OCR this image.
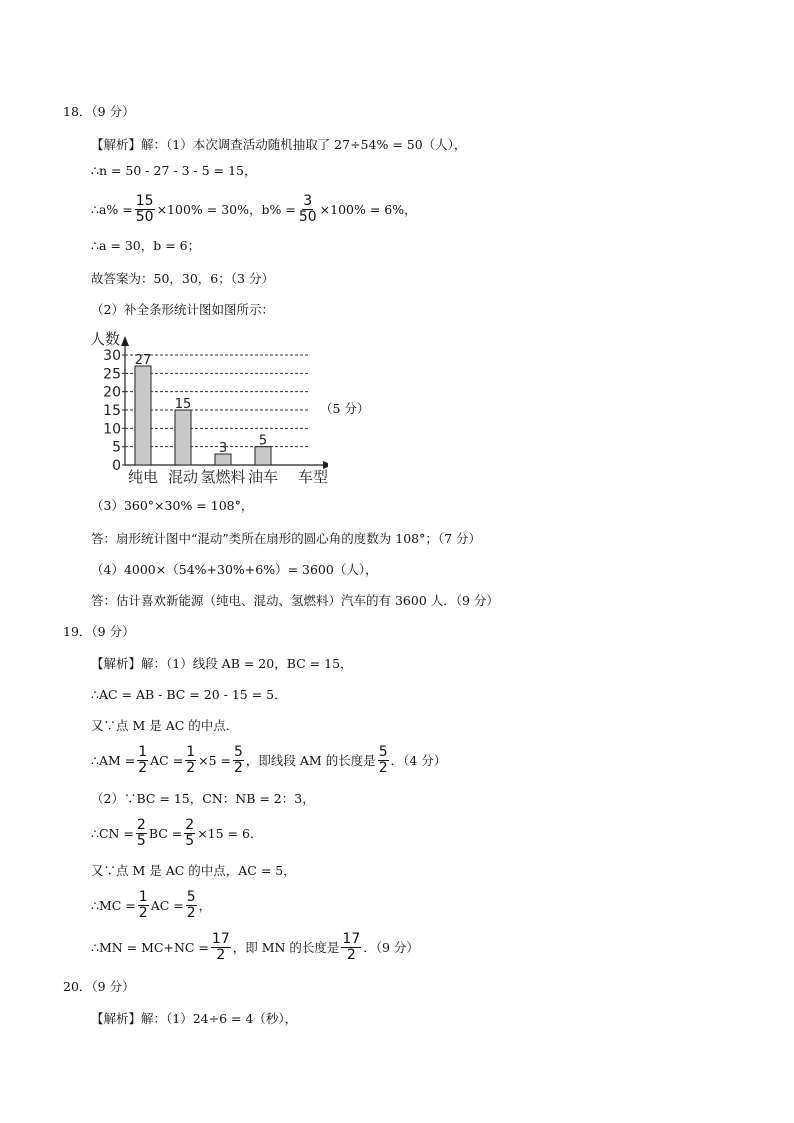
18．（9 分）
【解析】解：（1）本次调查活动随机抽取了 27÷54% = 50（人），
∴n = 50 - 27 - 3 - 5 = 15，
∴a% = $\frac{15}{50} \times 100\% = 30\%$，$b\% = \frac{3}{50} \times 100\% = 6\%$，
∴a = 30，b = 6；
故答案为：50，30，6；（3 分）
（2）补全条形统计图如图所示：
0
5
10
15
20
25
30
人数
27
纯电
15
混动
3
氢燃料
5
油车 车型
（5 分）
（3）360°×30% = 108°，
答：扇形统计图中“混动”类所在扇形的圆心角的度数为 108°；（7 分）
（4）4000×（54%+30%+6%）= 3600（人），
答：估计喜欢新能源（纯电、混动、氢燃料）汽车的有 3600 人．（9 分）
19．（9 分）
【解析】解：（1）线段 AB = 20，BC = 15，
∴AC = AB - BC = 20 - 15 = 5．
又∵点 M 是 AC 的中点．
∴AM = $\frac{1}{2}$ AC = $\frac{1}{2} \times 5 = \frac{5}{2}$ ，即线段 AM 的长度是 $\frac{5}{2}$ ．（4 分）
（2）∵BC = 15，CN：NB = 2：3，
∴CN = $\frac{2}{5}$ BC = $\frac{2}{5} \times 15 = 6$．
又∵点 M 是 AC 的中点，AC = 5，
∴MC = $\frac{1}{2}$ AC = $\frac{5}{2}$ ，
∴MN = $MC+NC = \frac{17}{2}$ ，即 MN 的长度是 $\frac{17}{2}$ ．（9 分）
20．（9 分）
【解析】解：（1）24÷6 = 4（秒），
